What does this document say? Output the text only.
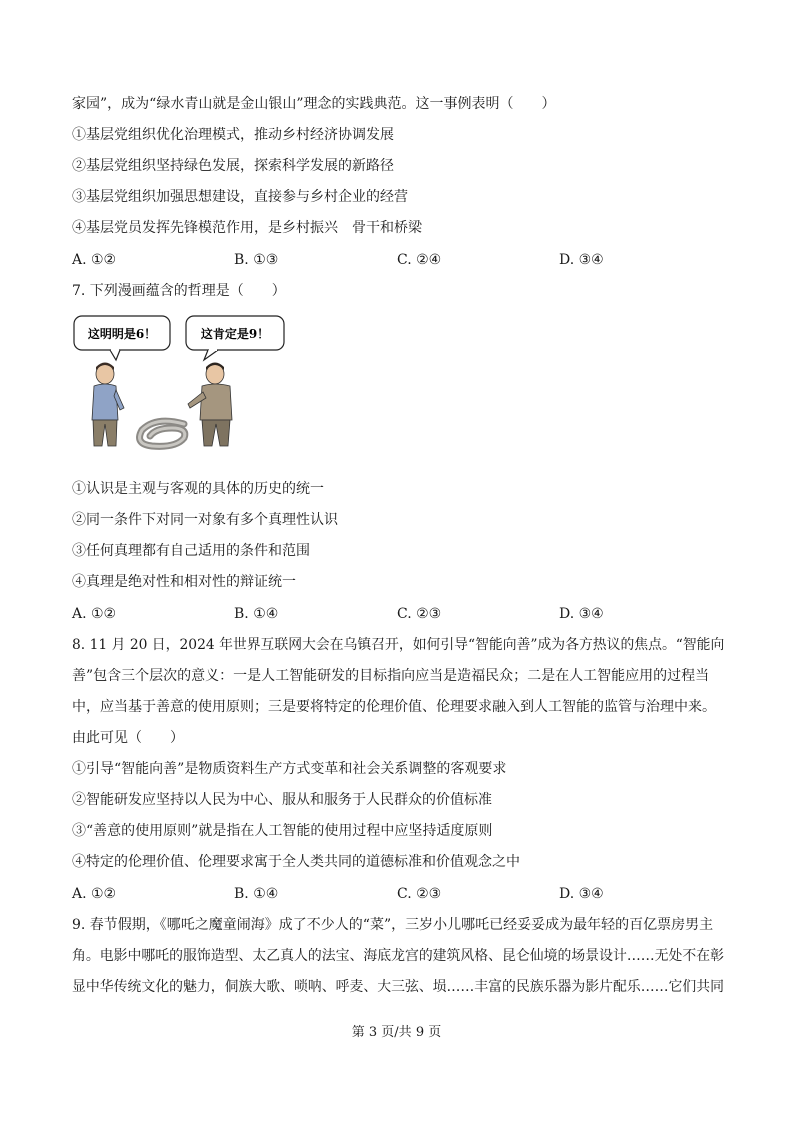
家园”，成为“绿水青山就是金山银山”理念的实践典范。这一事例表明（　　）

①基层党组织优化治理模式，推动乡村经济协调发展

②基层党组织坚持绿色发展，探索科学发展的新路径

③基层党组织加强思想建设，直接参与乡村企业的经营

④基层党员发挥先锋模范作用，是乡村振兴　骨干和桥梁

A. ①②	B. ①③	C. ②④	D. ③④

7. 下列漫画蕴含的哲理是（　　）

这明明是6！	这肯定是9！

①认识是主观与客观的具体的历史的统一

②同一条件下对同一对象有多个真理性认识

③任何真理都有自己适用的条件和范围

④真理是绝对性和相对性的辩证统一

A. ①②	B. ①④	C. ②③	D. ③④

8. 11 月 20 日，2024 年世界互联网大会在乌镇召开，如何引导“智能向善”成为各方热议的焦点。“智能向

善”包含三个层次的意义：一是人工智能研发的目标指向应当是造福民众；二是在人工智能应用的过程当

中，应当基于善意的使用原则；三是要将特定的伦理价值、伦理要求融入到人工智能的监管与治理中来。

由此可见（　　）

①引导“智能向善”是物质资料生产方式变革和社会关系调整的客观要求

②智能研发应坚持以人民为中心、服从和服务于人民群众的价值标准

③“善意的使用原则”就是指在人工智能的使用过程中应坚持适度原则

④特定的伦理价值、伦理要求寓于全人类共同的道德标准和价值观念之中

A. ①②	B. ①④	C. ②③	D. ③④

9. 春节假期，《哪吒之魔童闹海》成了不少人的“菜”，三岁小儿哪吒已经妥妥成为最年轻的百亿票房男主

角。电影中哪吒的服饰造型、太乙真人的法宝、海底龙宫的建筑风格、昆仑仙境的场景设计……无处不在彰

显中华传统文化的魅力，侗族大歌、唢呐、呼麦、大三弦、埙……丰富的民族乐器为影片配乐……它们共同

第 3 页/共 9 页
